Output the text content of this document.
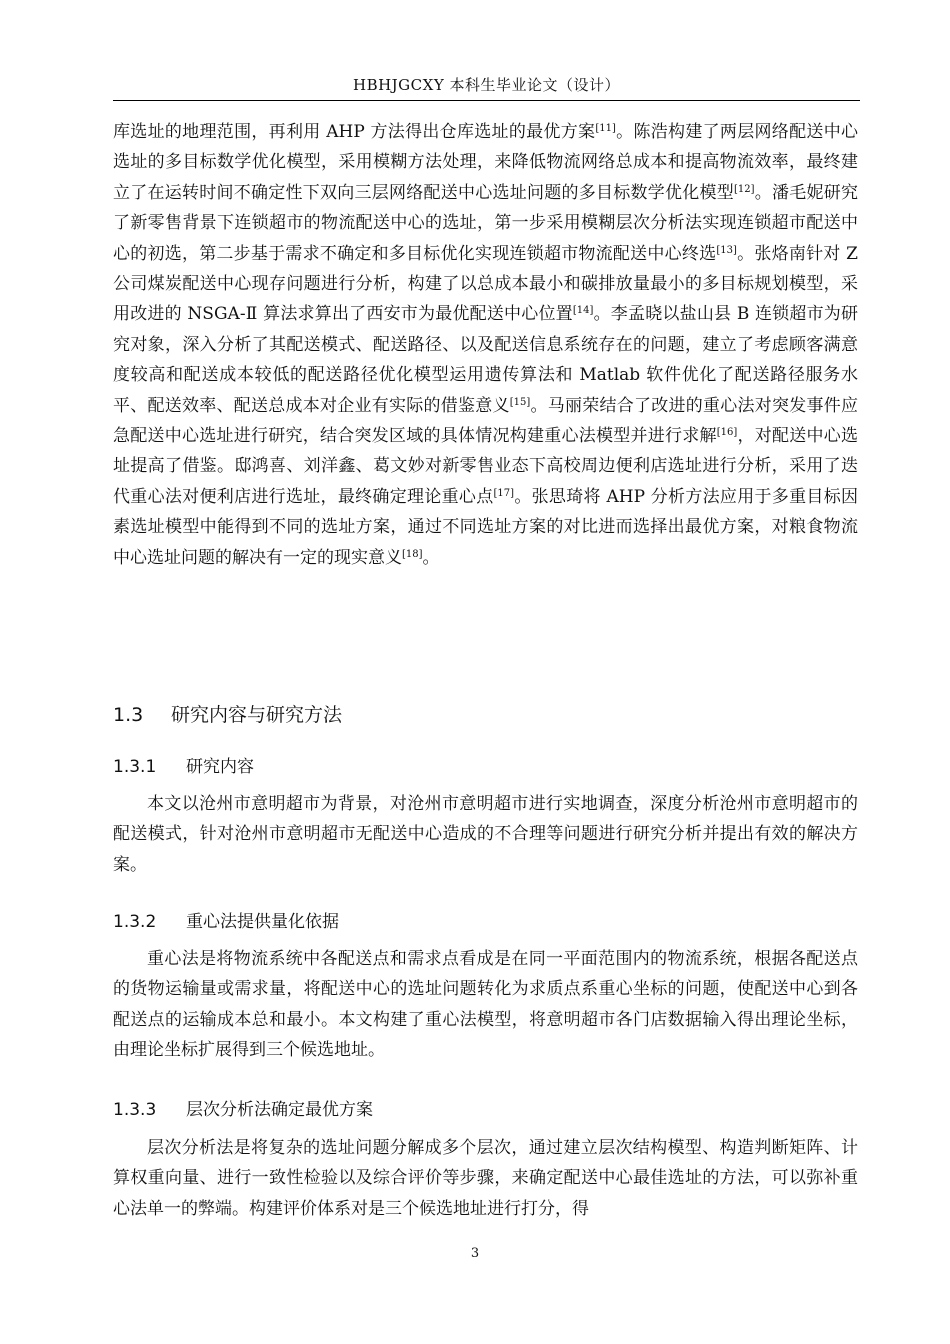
HBHJGCXY 本科生毕业论文（设计）

库选址的地理范围，再利用 AHP 方法得出仓库选址的最优方案[11]。陈浩构建了两层网络配送中心选址的多目标数学优化模型，采用模糊方法处理，来降低物流网络总成本和提高物流效率，最终建立了在运转时间不确定性下双向三层网络配送中心选址问题的多目标数学优化模型[12]。潘毛妮研究了新零售背景下连锁超市的物流配送中心的选址，第一步采用模糊层次分析法实现连锁超市配送中心的初选，第二步基于需求不确定和多目标优化实现连锁超市物流配送中心终选[13]。张烙南针对 Z 公司煤炭配送中心现存问题进行分析，构建了以总成本最小和碳排放量最小的多目标规划模型，采用改进的 NSGA-Ⅱ 算法求算出了西安市为最优配送中心位置[14]。李孟晓以盐山县 B 连锁超市为研究对象，深入分析了其配送模式、配送路径、以及配送信息系统存在的问题，建立了考虑顾客满意度较高和配送成本较低的配送路径优化模型运用遗传算法和 Matlab 软件优化了配送路径服务水平、配送效率、配送总成本对企业有实际的借鉴意义[15]。马丽荣结合了改进的重心法对突发事件应急配送中心选址进行研究，结合突发区域的具体情况构建重心法模型并进行求解[16]，对配送中心选址提高了借鉴。邸鸿喜、刘洋鑫、葛文妙对新零售业态下高校周边便利店选址进行分析，采用了迭代重心法对便利店进行选址，最终确定理论重心点[17]。张思琦将 AHP 分析方法应用于多重目标因素选址模型中能得到不同的选址方案，通过不同选址方案的对比进而选择出最优方案，对粮食物流中心选址问题的解决有一定的现实意义[18]。

1.3 研究内容与研究方法
1.3.1 研究内容

本文以沧州市意明超市为背景，对沧州市意明超市进行实地调查，深度分析沧州市意明超市的配送模式，针对沧州市意明超市无配送中心造成的不合理等问题进行研究分析并提出有效的解决方案。

1.3.2 重心法提供量化依据

重心法是将物流系统中各配送点和需求点看成是在同一平面范围内的物流系统，根据各配送点的货物运输量或需求量，将配送中心的选址问题转化为求质点系重心坐标的问题，使配送中心到各配送点的运输成本总和最小。本文构建了重心法模型，将意明超市各门店数据输入得出理论坐标，由理论坐标扩展得到三个候选地址。

1.3.3 层次分析法确定最优方案

层次分析法是将复杂的选址问题分解成多个层次，通过建立层次结构模型、构造判断矩阵、计算权重向量、进行一致性检验以及综合评价等步骤，来确定配送中心最佳选址的方法，可以弥补重心法单一的弊端。构建评价体系对是三个候选地址进行打分，得

3
